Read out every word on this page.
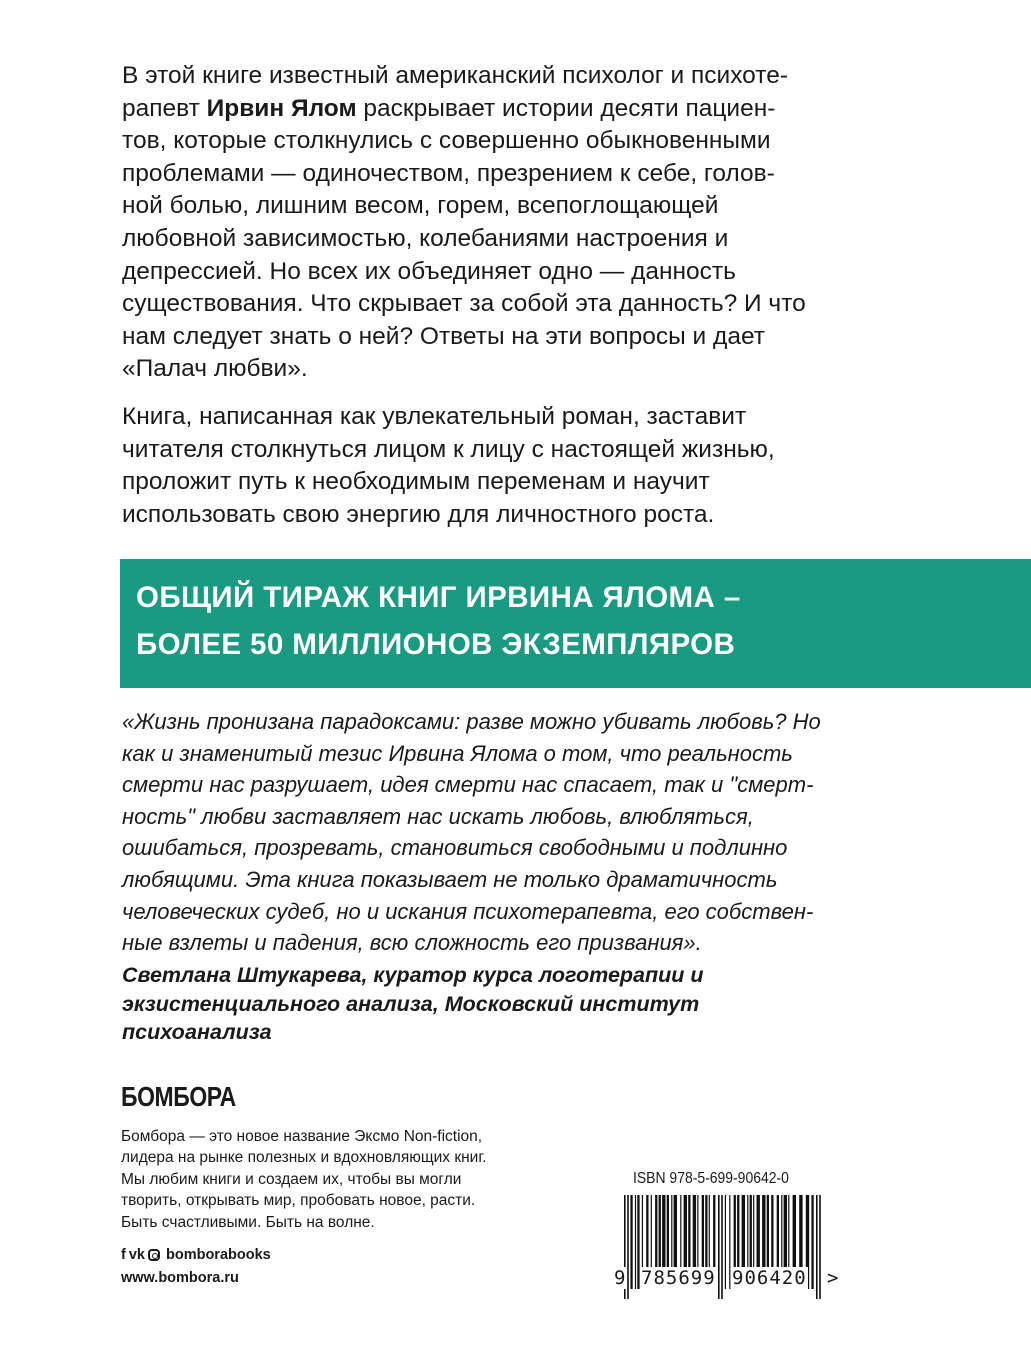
В этой книге известный американский психолог и психоте-
рапевт Ирвин Ялом раскрывает истории десяти пациен-
тов, которые столкнулись с совершенно обыкновенными
проблемами — одиночеством, презрением к себе, голов-
ной болью, лишним весом, горем, всепоглощающей
любовной зависимостью, колебаниями настроения и
депрессией. Но всех их объединяет одно — данность
существования. Что скрывает за собой эта данность? И что
нам следует знать о ней? Ответы на эти вопросы и дает
«Палач любви».
Книга, написанная как увлекательный роман, заставит
читателя столкнуться лицом к лицу с настоящей жизнью,
проложит путь к необходимым переменам и научит
использовать свою энергию для личностного роста.
ОБЩИЙ ТИРАЖ КНИГ ИРВИНА ЯЛОМА –
БОЛЕЕ 50 МИЛЛИОНОВ ЭКЗЕМПЛЯРОВ
«Жизнь пронизана парадоксами: разве можно убивать любовь? Но
как и знаменитый тезис Ирвина Ялома о том, что реальность
смерти нас разрушает, идея смерти нас спасает, так и "смерт-
ность" любви заставляет нас искать любовь, влюбляться,
ошибаться, прозревать, становиться свободными и подлинно
любящими. Эта книга показывает не только драматичность
человеческих судеб, но и искания психотерапевта, его собствен-
ные взлеты и падения, всю сложность его призвания».
Светлана Штукарева, куратор курса логотерапии и
экзистенциального анализа, Московский институт
психоанализа
БОМБОРА
Бомбора — это новое название Эксмо Non-fiction,
лидера на рынке полезных и вдохновляющих книг.
Мы любим книги и создаем их, чтобы вы могли
творить, открывать мир, пробовать новое, расти.
Быть счастливыми. Быть на волне.
f vk bomborabooks
www.bombora.ru
ISBN 978-5-699-90642-0
9 785699 906420 >
